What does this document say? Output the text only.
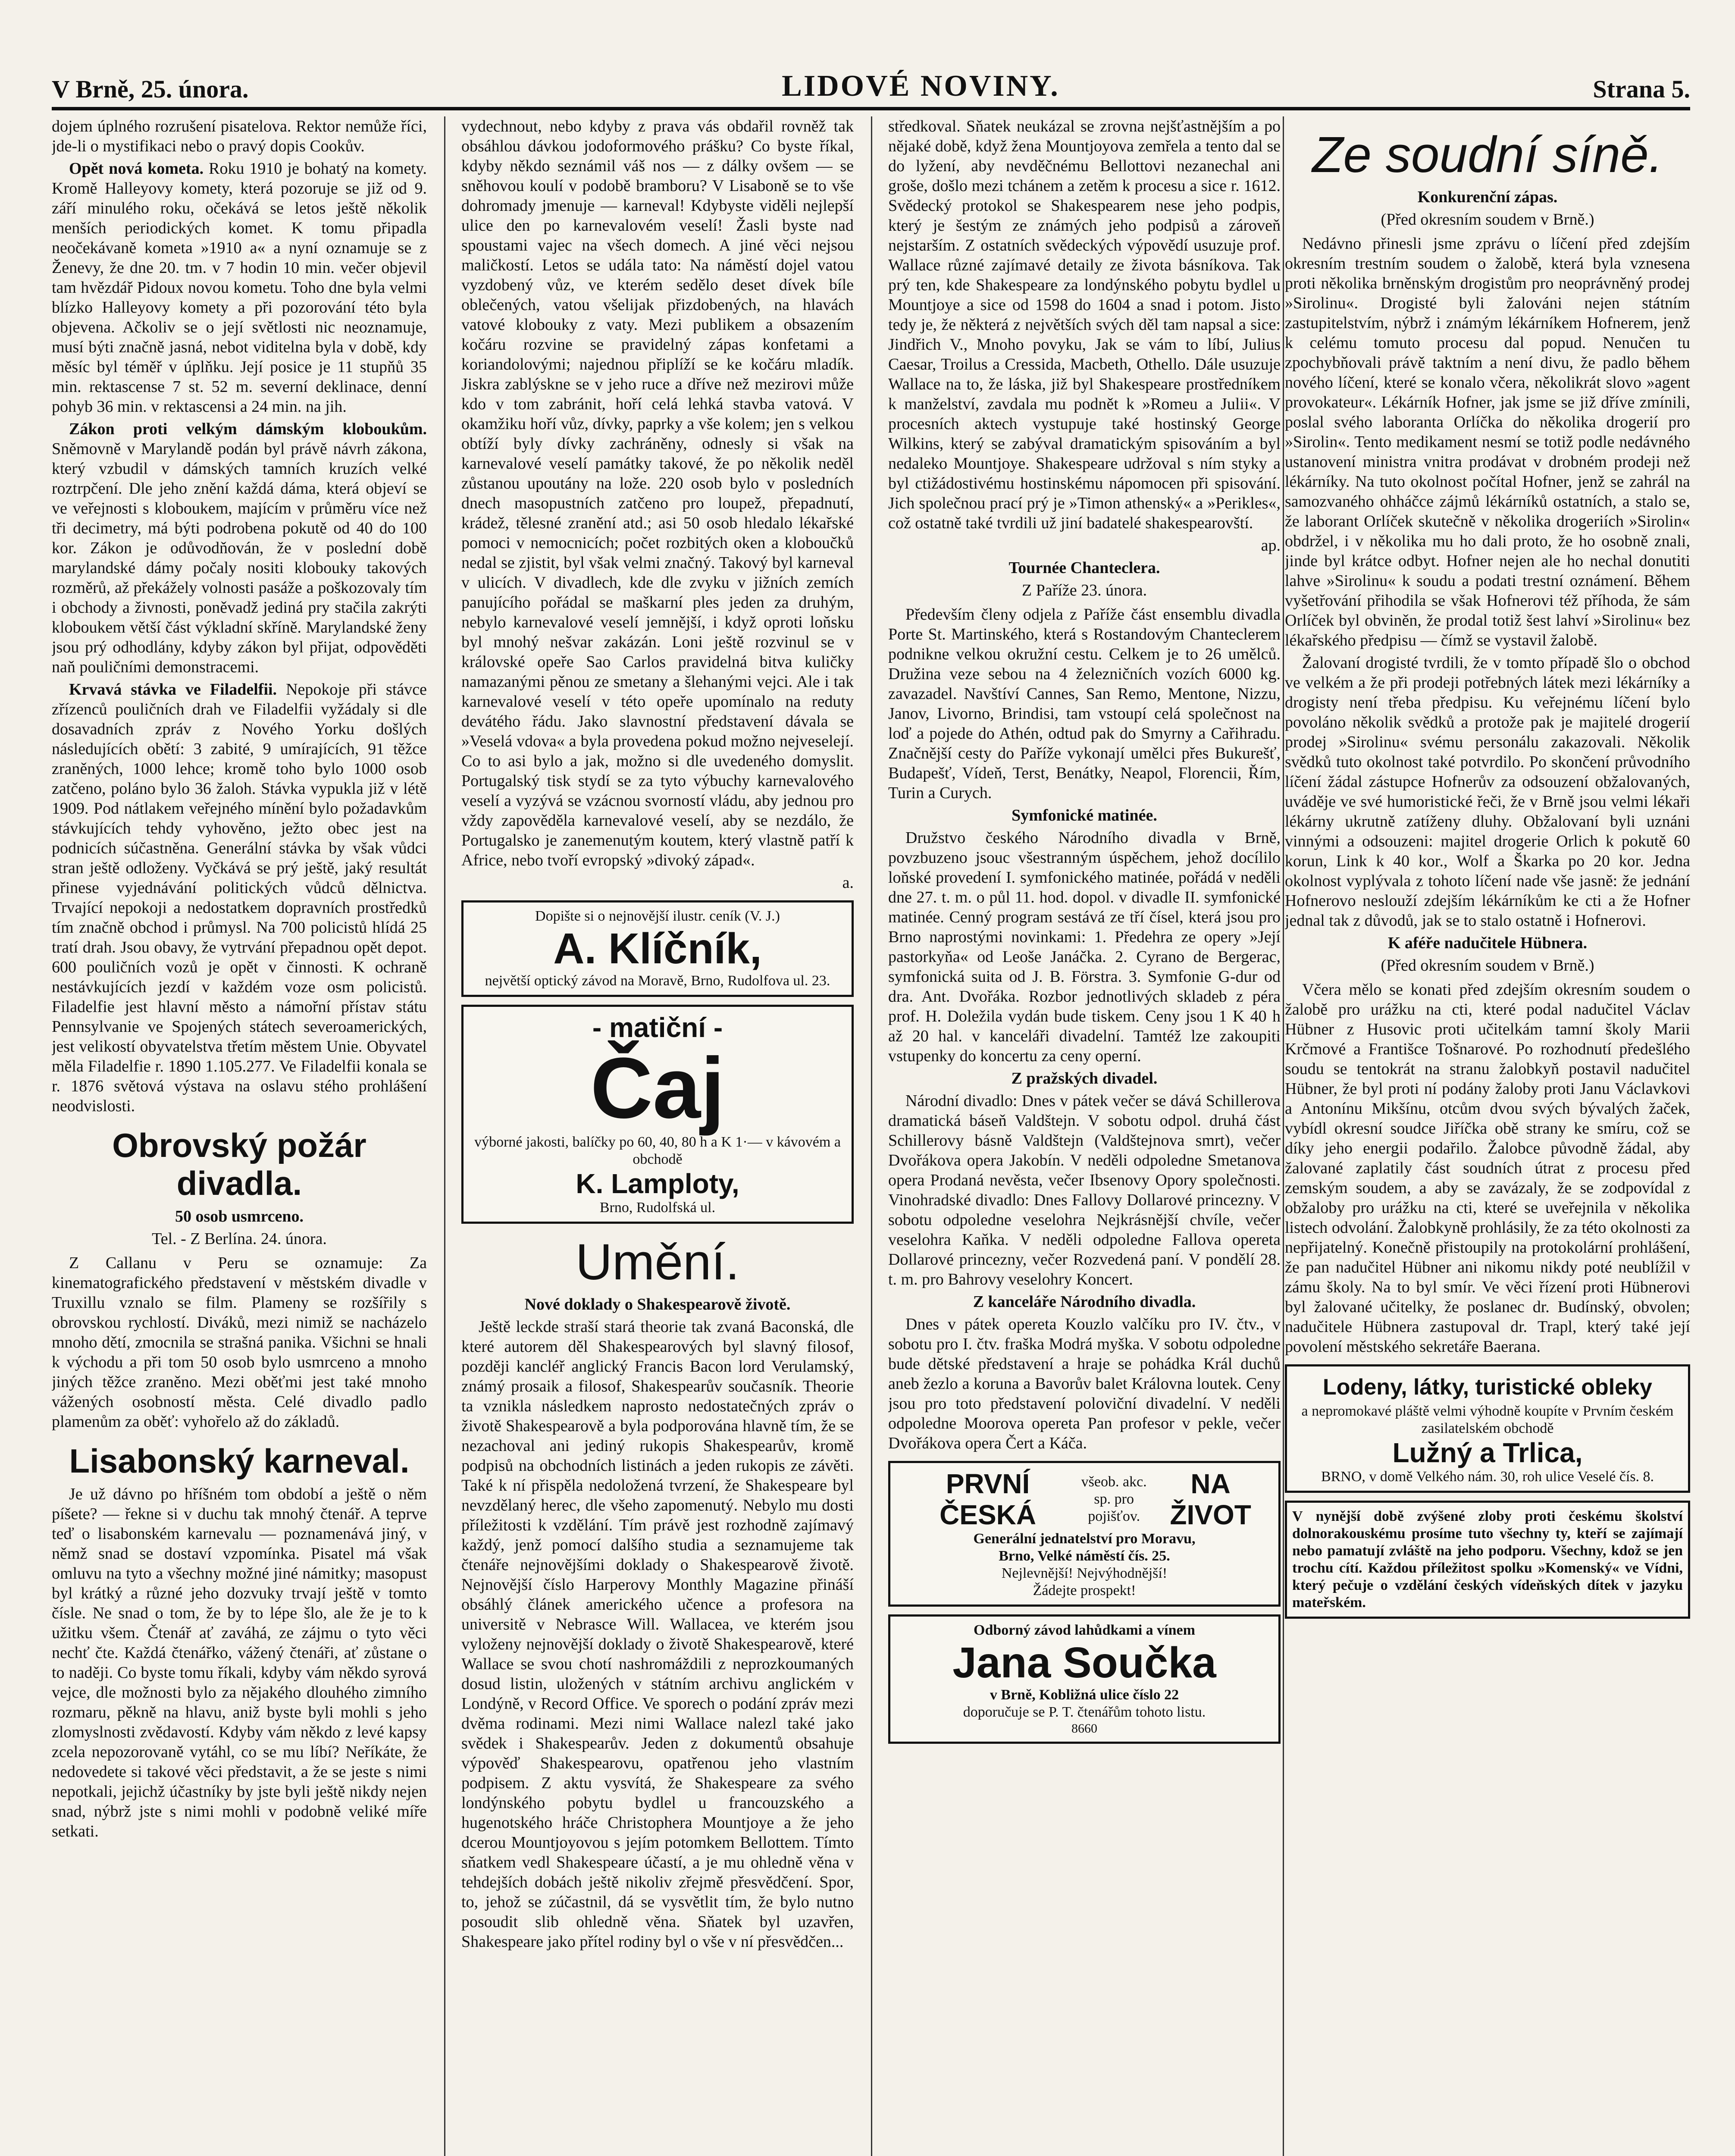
V Brně, 25. února.	LIDOVÉ NOVINY.	Strana 5.

dojem úplného rozrušení pisatelova. Rektor nemůže říci, jde-li o mystifikaci nebo o pravý dopis Cookův.

Opět nová kometa. Roku 1910 je bohatý na komety. Kromě Halleyovy komety, která pozoruje se již od 9. září minulého roku, očekává se letos ještě několik menších periodických komet. K tomu připadla neočekávaně kometa »1910 a« a nyní oznamuje se z Ženevy, že dne 20. tm. v 7 hodin 10 min. večer objevil tam hvězdář Pidoux novou kometu. Toho dne byla velmi blízko Halleyovy komety a při pozorování této byla objevena. Ačkoliv se o její světlosti nic neoznamuje, musí býti značně jasná, nebot viditelna byla v době, kdy měsíc byl téměř v úplňku. Její posice je 11 stupňů 35 min. rektascense 7 st. 52 m. severní deklinace, denní pohyb 36 min. v rektascensi a 24 min. na jih.

Zákon proti velkým dámským kloboukům. Sněmovně v Marylandě podán byl právě návrh zákona, který vzbudil v dámských tamních kruzích velké roztrpčení. Dle jeho znění každá dáma, která objeví se ve veřejnosti s kloboukem, majícím v průměru více než tři decimetry, má býti podrobena pokutě od 40 do 100 kor. Zákon je odůvodňován, že v poslední době marylandské dámy počaly nositi klobouky takových rozměrů, až překážely volnosti pasáže a poškozovaly tím i obchody a živnosti, poněvadž jediná pry stačila zakrýti kloboukem větší část výkladní skříně. Marylandské ženy jsou prý odhodlány, kdyby zákon byl přijat, odpověděti naň pouličními demonstracemi.

Krvavá stávka ve Filadelfii. Nepokoje při stávce zřízenců pouličních drah ve Filadelfii vyžádaly si dle dosavadních zpráv z Nového Yorku došlých následujících obětí: 3 zabité, 9 umírajících, 91 těžce zraněných, 1000 lehce; kromě toho bylo 1000 osob zatčeno, poláno bylo 36 žaloh. Stávka vypukla již v létě 1909. Pod nátlakem veřejného mínění bylo požadavkům stávkujících tehdy vyhověno, ježto obec jest na podnicích súčastněna. Generální stávka by však vůdci stran ještě odloženy. Vyčkává se prý ještě, jaký resultát přinese vyjednávání politických vůdců dělnictva. Trvající nepokoji a nedostatkem dopravních prostředků tím značně obchod i průmysl. Na 700 policistů hlídá 25 tratí drah. Jsou obavy, že vytrvání přepadnou opět depot. 600 pouličních vozů je opět v činnosti. K ochraně nestávkujících jezdí v každém voze osm policistů. Filadelfie jest hlavní město a námořní přístav státu Pennsylvanie ve Spojených státech severoamerických, jest velikostí obyvatelstva třetím městem Unie. Obyvatel měla Filadelfie r. 1890 1.105.277. Ve Filadelfii konala se r. 1876 světová výstava na oslavu stého prohlášení neodvislosti.

Obrovský požár divadla.
50 osob usmrceno.
Tel. - Z Berlína. 24. února.

Z Callanu v Peru se oznamuje: Za kinematografického představení v městském divadle v Truxillu vznalo se film. Plameny se rozšířily s obrovskou rychlostí. Diváků, mezi nimiž se nacházelo mnoho dětí, zmocnila se strašná panika. Všichni se hnali k východu a při tom 50 osob bylo usmrceno a mnoho jiných těžce zraněno. Mezi oběťmi jest také mnoho vážených osobností města. Celé divadlo padlo plamenům za oběť: vyhořelo až do základů.

Lisabonský karneval.

Je už dávno po hříšném tom období a ještě o něm píšete? — řekne si v duchu tak mnohý čtenář. A teprve teď o lisabonském karnevalu — poznamenává jiný, v němž snad se dostaví vzpomínka. Pisatel má však omluvu na tyto a všechny možné jiné námitky; masopust byl krátký a různé jeho dozvuky trvají ještě v tomto čísle. Ne snad o tom, že by to lépe šlo, ale že je to k užitku všem. Čtenář ať zaváhá, ze zájmu o tyto věci nechť čte. Každá čtenářko, vážený čtenáři, ať zůstane o to naději. Co byste tomu říkali, kdyby vám někdo syrová vejce, dle možnosti bylo za nějakého dlouhého zimního rozmaru, pěkně na hlavu, aniž byste byli mohli s jeho zlomyslnosti zvědavostí. Kdyby vám někdo z levé kapsy zcela nepozorovaně vytáhl, co se mu líbí? Neříkáte, že nedovedete si takové věci představit, a že se jeste s nimi nepotkali, jejichž účastníky by jste byli ještě nikdy nejen snad, nýbrž jste s nimi mohli v podobně veliké míře setkati.

vydechnout, nebo kdyby z prava vás obdařil rovněž tak obsáhlou dávkou jodoformového prášku? Co byste říkal, kdyby někdo seznámil váš nos — z dálky ovšem — se sněhovou koulí v podobě bramboru? V Lisaboně se to vše dohromady jmenuje — karneval! Kdybyste viděli nejlepší ulice den po karnevalovém veselí! Žasli byste nad spoustami vajec na všech domech. A jiné věci nejsou maličkostí. Letos se udála tato: Na náměstí dojel vatou vyzdobený vůz, ve kterém sedělo deset dívek bíle oblečených, vatou všelijak přizdobených, na hlavách vatové klobouky z vaty. Mezi publikem a obsazením kočáru rozvine se pravidelný zápas konfetami a koriandolovými; najednou připlíží se ke kočáru mladík. Jiskra zablýskne se v jeho ruce a dříve než mezirovi může kdo v tom zabránit, hoří celá lehká stavba vatová. V okamžiku hoří vůz, dívky, paprky a vše kolem; jen s velkou obtíží byly dívky zachráněny, odnesly si však na karnevalové veselí památky takové, že po několik neděl zůstanou upoutány na lože. 220 osob bylo v posledních dnech masopustních zatčeno pro loupež, přepadnutí, krádež, tělesné zranění atd.; asi 50 osob hledalo lékařské pomoci v nemocnicích; počet rozbitých oken a kloboučků nedal se zjistit, byl však velmi značný. Takový byl karneval v ulicích. V divadlech, kde dle zvyku v jižních zemích panujícího pořádal se maškarní ples jeden za druhým, nebylo karnevalové veselí jemnější, i když oproti loňsku byl mnohý nešvar zakázán. Loni ještě rozvinul se v královské opeře Sao Carlos pravidelná bitva kuličky namazanými pěnou ze smetany a šlehanými vejci. Ale i tak karnevalové veselí v této opeře upomínalo na reduty devátého řádu. Jako slavnostní představení dávala se »Veselá vdova« a byla provedena pokud možno nejveselejí. Co to asi bylo a jak, možno si dle uvedeného domyslit. Portugalský tisk stydí se za tyto výbuchy karnevalového veselí a vyzývá se vzácnou svorností vládu, aby jednou pro vždy zapověděla karnevalové veselí, aby se nezdálo, že Portugalsko je zanemenutým koutem, který vlastně patří k Africe, nebo tvoří evropský »divoký západ«.

a.
Dopište si o nejnovější ilustr. ceník (V. J.)
A. Klíčník,
největší optický závod na Moravě, Brno, Rudolfova ul. 23.
- matiční -
Čaj
výborné jakosti, balíčky po 60, 40, 80 h a K 1·— v kávovém a obchodě
K. Lamploty,
Brno, Rudolfská ul.
Umění.
Nové doklady o Shakespearově životě.

Ještě leckde straší stará theorie tak zvaná Baconská, dle které autorem děl Shakespearových byl slavný filosof, později kancléř anglický Francis Bacon lord Verulamský, známý prosaik a filosof, Shakespearův současník. Theorie ta vznikla následkem naprosto nedostatečných zpráv o životě Shakespearově a byla podporována hlavně tím, že se nezachoval ani jediný rukopis Shakespearův, kromě podpisů na obchodních listinách a jeden rukopis ze závěti. Také k ní přispěla nedoložená tvrzení, že Shakespeare byl nevzdělaný herec, dle všeho zapomenutý. Nebylo mu dosti příležitosti k vzdělání. Tím právě jest rozhodně zajímavý každý, jenž pomocí dalšího studia a seznamujeme tak čtenáře nejnovějšími doklady o Shakespearově životě. Nejnovější číslo Harperovy Monthly Magazine přináší obsáhlý článek amerického učence a profesora na universitě v Nebrasce Will. Wallacea, ve kterém jsou vyloženy nejnovější doklady o životě Shakespearově, které Wallace se svou chotí nashromáždili z neprozkoumaných dosud listin, uložených v státním archivu anglickém v Londýně, v Record Office. Ve sporech o podání zpráv mezi dvěma rodinami. Mezi nimi Wallace nalezl také jako svědek i Shakespearův. Jeden z dokumentů obsahuje výpověď Shakespearovu, opatřenou jeho vlastním podpisem. Z aktu vysvítá, že Shakespeare za svého londýnského pobytu bydlel u francouzského a hugenotského hráče Christophera Mountjoye a že jeho dcerou Mountjoyovou s jejím potomkem Bellottem. Tímto sňatkem vedl Shakespeare účastí, a je mu ohledně věna v tehdejších dobách ještě nikoliv zřejmě přesvědčení. Spor, to, jehož se zúčastnil, dá se vysvětlit tím, že bylo nutno posoudit slib ohledně věna. Sňatek byl uzavřen, Shakespeare jako přítel rodiny byl o vše v ní přesvědčen...

středkoval. Sňatek neukázal se zrovna nejšťastnějším a po nějaké době, když žena Mountjoyova zemřela a tento dal se do lyžení, aby nevděčnému Bellottovi nezanechal ani groše, došlo mezi tchánem a zetěm k procesu a sice r. 1612. Svědecký protokol se Shakespearem nese jeho podpis, který je šestým ze známých jeho podpisů a zároveň nejstarším. Z ostatních svědeckých výpovědí usuzuje prof. Wallace různé zajímavé detaily ze života básníkova. Tak prý ten, kde Shakespeare za londýnského pobytu bydlel u Mountjoye a sice od 1598 do 1604 a snad i potom. Jisto tedy je, že některá z největších svých děl tam napsal a sice: Jindřich V., Mnoho povyku, Jak se vám to líbí, Julius Caesar, Troilus a Cressida, Macbeth, Othello. Dále usuzuje Wallace na to, že láska, již byl Shakespeare prostředníkem k manželství, zavdala mu podnět k »Romeu a Julii«. V procesních aktech vystupuje také hostinský George Wilkins, který se zabýval dramatickým spisováním a byl nedaleko Mountjoye. Shakespeare udržoval s ním styky a byl ctižádostivému hostinskému nápomocen při spisování. Jich společnou prací prý je »Timon athenský« a »Perikles«, což ostatně také tvrdili už jiní badatelé shakespearovští.

ap.
Tournée Chanteclera.
Z Paříže 23. února.

Především členy odjela z Paříže část ensemblu divadla Porte St. Martinského, která s Rostandovým Chanteclerem podnikne velkou okružní cestu. Celkem je to 26 umělců. Družina veze sebou na 4 železničních vozích 6000 kg. zavazadel. Navštíví Cannes, San Remo, Mentone, Nizzu, Janov, Livorno, Brindisi, tam vstoupí celá společnost na loď a pojede do Athén, odtud pak do Smyrny a Cařihradu. Značnější cesty do Paříže vykonají umělci přes Bukurešť, Budapešť, Vídeň, Terst, Benátky, Neapol, Florencii, Řím, Turin a Curych.

Symfonické matinée.

Družstvo českého Národního divadla v Brně, povzbuzeno jsouc všestranným úspěchem, jehož docílilo loňské provedení I. symfonického matinée, pořádá v neděli dne 27. t. m. o půl 11. hod. dopol. v divadle II. symfonické matinée. Cenný program sestává ze tří čísel, která jsou pro Brno naprostými novinkami: 1. Předehra ze opery »Její pastorkyňa« od Leoše Janáčka. 2. Cyrano de Bergerac, symfonická suita od J. B. Förstra. 3. Symfonie G-dur od dra. Ant. Dvořáka. Rozbor jednotlivých skladeb z péra prof. H. Doležila vydán bude tiskem. Ceny jsou 1 K 40 h až 20 hal. v kanceláři divadelní. Tamtéž lze zakoupiti vstupenky do koncertu za ceny operní.

Z pražských divadel.

Národní divadlo: Dnes v pátek večer se dává Schillerova dramatická báseň Valdštejn. V sobotu odpol. druhá část Schillerovy básně Valdštejn (Valdštejnova smrt), večer Dvořákova opera Jakobín. V neděli odpoledne Smetanova opera Prodaná nevěsta, večer Ibsenovy Opory společnosti. Vinohradské divadlo: Dnes Fallovy Dollarové princezny. V sobotu odpoledne veselohra Nejkrásnější chvíle, večer veselohra Kaňka. V neděli odpoledne Fallova opereta Dollarové princezny, večer Rozvedená paní. V pondělí 28. t. m. pro Bahrovy veselohry Koncert.

Z kanceláře Národního divadla.

Dnes v pátek opereta Kouzlo valčíku pro IV. čtv., v sobotu pro I. čtv. fraška Modrá myška. V sobotu odpoledne bude dětské představení a hraje se pohádka Král duchů aneb žezlo a koruna a Bavorův balet Královna loutek. Ceny jsou pro toto představení poloviční divadelní. V neděli odpoledne Moorova opereta Pan profesor v pekle, večer Dvořákova opera Čert a Káča.

PRVNÍ ČESKÁ
všeob. akc. sp. pro pojišťov.
NA ŽIVOT
Generální jednatelství pro Moravu,
Brno, Velké náměstí čís. 25.
Nejlevnější! Nejvýhodnější!
Žádejte prospekt!
Odborný závod lahůdkami a vínem
Jana Součka
v Brně, Kobližná ulice číslo 22
doporučuje se P. T. čtenářům tohoto listu.
8660
Ze soudní síně.
Konkurenční zápas.
(Před okresním soudem v Brně.)

Nedávno přinesli jsme zprávu o líčení před zdejším okresním trestním soudem o žalobě, která byla vznesena proti několika brněnským drogistům pro neoprávněný prodej »Sirolinu«. Drogisté byli žalováni nejen státním zastupitelstvím, nýbrž i známým lékárníkem Hofnerem, jenž k celému tomuto procesu dal popud. Nenučen tu zpochybňovali právě taktním a není divu, že padlo během nového líčení, které se konalo včera, několikrát slovo »agent provokateur«. Lékárník Hofner, jak jsme se již dříve zmínili, poslal svého laboranta Orlíčka do několika drogerií pro »Sirolin«. Tento medikament nesmí se totiž podle nedávného ustanovení ministra vnitra prodávat v drobném prodeji než lékárníky. Na tuto okolnost počítal Hofner, jenž se zahrál na samozvaného ohháčce zájmů lékárníků ostatních, a stalo se, že laborant Orlíček skutečně v několika drogeriích »Sirolin« obdržel, i v několika mu ho dali proto, že ho osobně znali, jinde byl krátce odbyt. Hofner nejen ale ho nechal donutiti lahve »Sirolinu« k soudu a podati trestní oznámení. Během vyšetřování přihodila se však Hofnerovi též příhoda, že sám Orlíček byl obviněn, že prodal totiž šest lahví »Sirolinu« bez lékařského předpisu — čímž se vystavil žalobě.

Žalovaní drogisté tvrdili, že v tomto případě šlo o obchod ve velkém a že při prodeji potřebných látek mezi lékárníky a drogisty není třeba předpisu. Ku veřejnému líčení bylo povoláno několik svědků a protože pak je majitelé drogerií prodej »Sirolinu« svému personálu zakazovali. Několik svědků tuto okolnost také potvrdilo. Po skončení průvodního líčení žádal zástupce Hofnerův za odsouzení obžalovaných, uváděje ve své humoristické řeči, že v Brně jsou velmi lékaři lékárny ukrutně zatíženy dluhy. Obžalovaní byli uznáni vinnými a odsouzeni: majitel drogerie Orlich k pokutě 60 korun, Link k 40 kor., Wolf a Škarka po 20 kor. Jedna okolnost vyplývala z tohoto líčení nade vše jasně: že jednání Hofnerovo neslouží zdejším lékárníkům ke cti a že Hofner jednal tak z důvodů, jak se to stalo ostatně i Hofnerovi.

K aféře nadučitele Hübnera.
(Před okresním soudem v Brně.)

Včera mělo se konati před zdejším okresním soudem o žalobě pro urážku na cti, které podal nadučitel Václav Hübner z Husovic proti učitelkám tamní školy Marii Krčmové a Františce Tošnarové. Po rozhodnutí předešlého soudu se tentokrát na stranu žalobkyň postavil nadučitel Hübner, že byl proti ní podány žaloby proti Janu Václavkovi a Antonínu Mikšínu, otcům dvou svých bývalých žaček, vybídl okresní soudce Jiříčka obě strany ke smíru, což se díky jeho energii podařilo. Žalobce původně žádal, aby žalované zaplatily část soudních útrat z procesu před zemským soudem, a aby se zavázaly, že se zodpovídal z obžaloby pro urážku na cti, které se uveřejnila v několika listech odvolání. Žalobkyně prohlásily, že za této okolnosti za nepřijatelný. Konečně přistoupily na protokolární prohlášení, že pan nadučitel Hübner ani nikomu nikdy poté neublížil v zámu školy. Na to byl smír. Ve věci řízení proti Hübnerovi byl žalované učitelky, že poslanec dr. Budínský, obvolen; nadučitele Hübnera zastupoval dr. Trapl, který také její povolení městského sekretáře Baerana.

Lodeny, látky, turistické obleky
a nepromokavé pláště velmi výhodně koupíte v Prvním českém zasilatelském obchodě
Lužný a Trlica,
BRNO, v domě Velkého nám. 30, roh ulice Veselé čís. 8.
V nynější době zvýšené zloby proti českému školství dolnorakouskému prosíme tuto všechny ty, kteří se zajímají nebo pamatují zvláště na jeho podporu. Všechny, kdož se jen trochu cítí. Každou příležitost spolku »Komenský« ve Vídni, který pečuje o vzdělání českých vídeňských dítek v jazyku mateřském.
